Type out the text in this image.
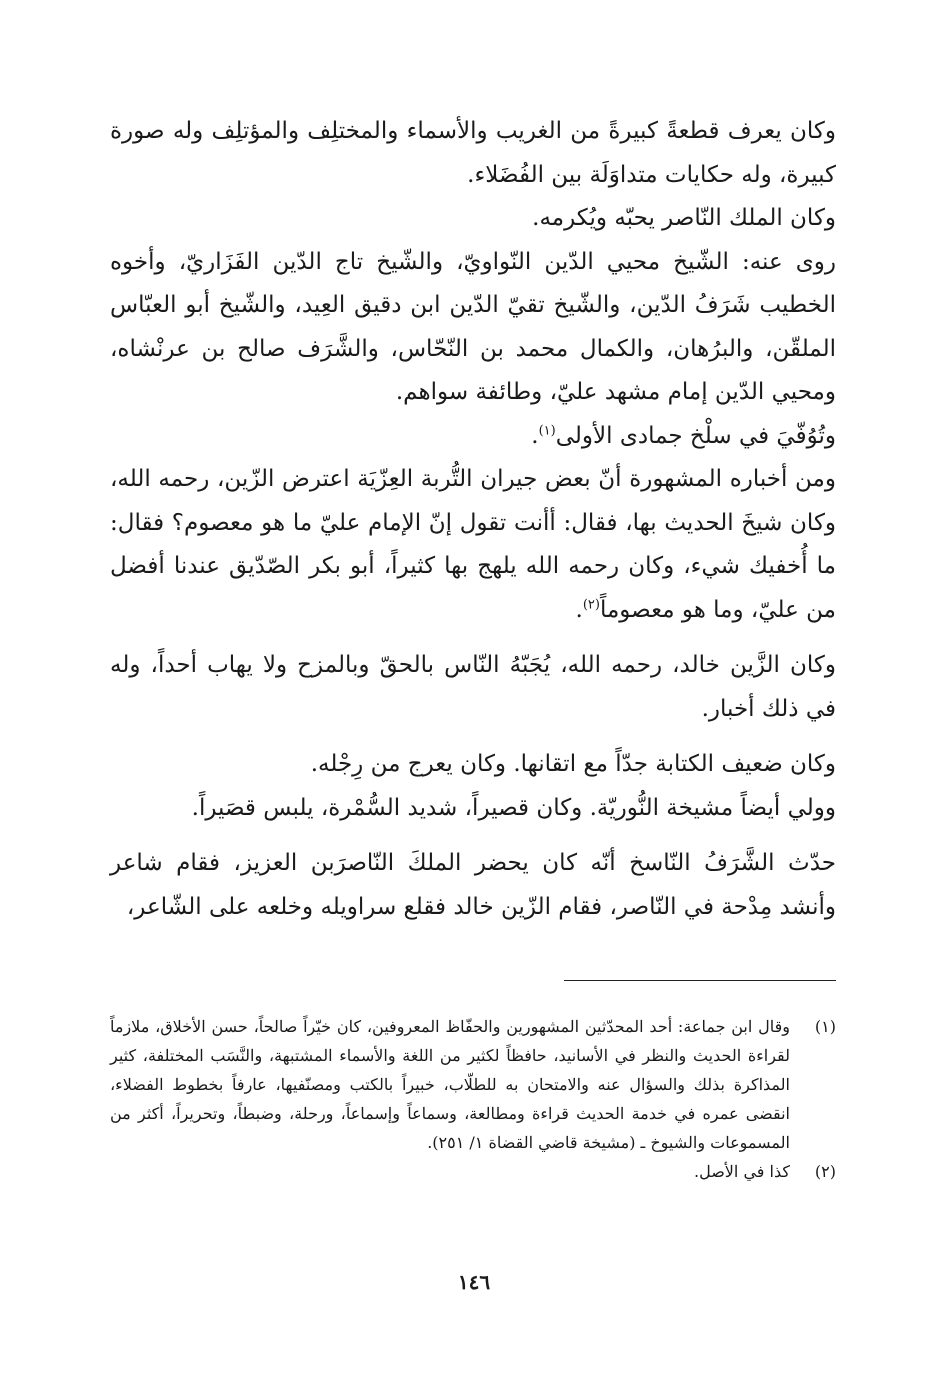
وكان يعرف قطعةً كبيرةً من الغريب والأسماء والمختلِف والمؤتلِف وله صورة كبيرة، وله حكايات متداوَلَة بين الفُضَلاء.

وكان الملك النّاصر يحبّه ويُكرمه.

روى عنه: الشّيخ محيي الدّين النّواويّ، والشّيخ تاج الدّين الفَزَاريّ، وأخوه الخطيب شَرَفُ الدّين، والشّيخ تقيّ الدّين ابن دقيق العِيد، والشّيخ أبو العبّاس الملقّن، والبرُهان، والكمال محمد بن النّحّاس، والشَّرَف صالح بن عرنْشاه، ومحيي الدّين إمام مشهد عليّ، وطائفة سواهم.

وتُوُفّيَ في سلْخ جمادى الأولى$^{(١)}$.

ومن أخباره المشهورة أنّ بعض جيران التُّربة العِزّيَة اعترض الزّين، رحمه الله، وكان شيخَ الحديث بها، فقال: أأنت تقول إنّ الإمام عليّ ما هو معصوم؟ فقال: ما أُخفيك شيء، وكان رحمه الله يلهج بها كثيراً، أبو بكر الصّدّيق عندنا أفضل من عليّ، وما هو معصوماً$^{(٢)}$.

وكان الزَّين خالد، رحمه الله، يُجَبّهُ النّاس بالحقّ وبالمزح ولا يهاب أحداً، وله في ذلك أخبار.

وكان ضعيف الكتابة جدّاً مع اتقانها. وكان يعرج من رِجْله.

وولي أيضاً مشيخة النُّوريّة. وكان قصيراً، شديد السُّمْرة، يلبس قصَيراً.

حدّث الشَّرَفُ النّاسخ أنّه كان يحضر الملكَ النّاصرَبن العزيز، فقام شاعر وأنشد مِدْحة في النّاصر، فقام الزّين خالد فقلع سراويله وخلعه على الشّاعر،

(١)
وقال ابن جماعة: أحد المحدّثين المشهورين والحفّاظ المعروفين، كان خيّراً صالحاً، حسن الأخلاق، ملازماً لقراءة الحديث والنظر في الأسانيد، حافظاً لكثير من اللغة والأسماء المشتبهة، والنَّسَب المختلفة، كثير المذاكرة بذلك والسؤال عنه والامتحان به للطلّاب، خبيراً بالكتب ومصنّفيها، عارفاً بخطوط الفضلاء، انقضى عمره في خدمة الحديث قراءة ومطالعة، وسماعاً وإسماعاً، ورحلة، وضبطاً، وتحريراً، أكثر من المسموعات والشيوخ ـ (مشيخة قاضي القضاة ١/ ٢٥١).
(٢)
كذا في الأصل.
١٤٦
